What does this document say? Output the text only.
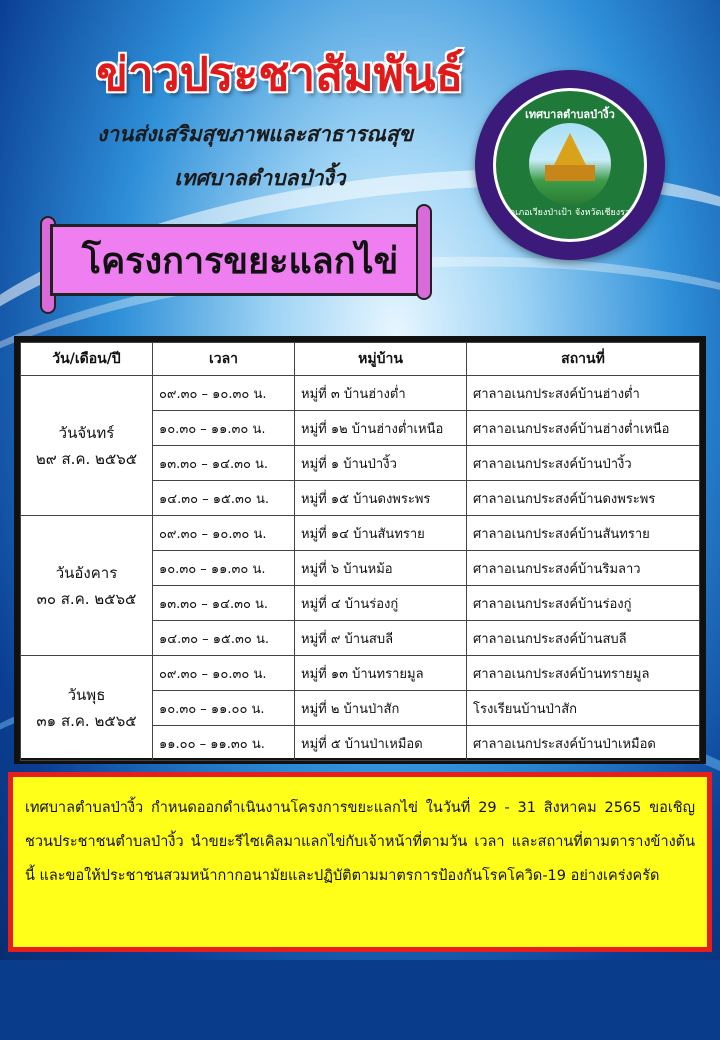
ข่าวประชาสัมพันธ์
งานส่งเสริมสุขภาพและสาธารณสุข
เทศบาลตำบลป่างิ้ว
เทศบาลตำบลป่างิ้ว
อำเภอเวียงป่าเป้า จังหวัดเชียงราย
โครงการขยะแลกไข่
วัน/เดือน/ปี	เวลา	หมู่บ้าน	สถานที่

วันจันทร์
๒๙ ส.ค. ๒๕๖๕	๐๙.๓๐ – ๑๐.๓๐ น.	หมู่ที่ ๓ บ้านฮ่างต่ำ	ศาลาอเนกประสงค์บ้านฮ่างต่ำ
	๑๐.๓๐ – ๑๑.๓๐ น.	หมู่ที่ ๑๒ บ้านฮ่างต่ำเหนือ	ศาลาอเนกประสงค์บ้านฮ่างต่ำเหนือ
	๑๓.๓๐ – ๑๔.๓๐ น.	หมู่ที่ ๑ บ้านป่างิ้ว	ศาลาอเนกประสงค์บ้านป่างิ้ว
	๑๔.๓๐ – ๑๕.๓๐ น.	หมู่ที่ ๑๕ บ้านดงพระพร	ศาลาอเนกประสงค์บ้านดงพระพร

วันอังคาร
๓๐ ส.ค. ๒๕๖๕	๐๙.๓๐ – ๑๐.๓๐ น.	หมู่ที่ ๑๔ บ้านสันทราย	ศาลาอเนกประสงค์บ้านสันทราย
	๑๐.๓๐ – ๑๑.๓๐ น.	หมู่ที่ ๖ บ้านหม้อ	ศาลาอเนกประสงค์บ้านริมลาว
	๑๓.๓๐ – ๑๔.๓๐ น.	หมู่ที่ ๔ บ้านร่องกู่	ศาลาอเนกประสงค์บ้านร่องกู่
	๑๔.๓๐ – ๑๕.๓๐ น.	หมู่ที่ ๙ บ้านสบลี	ศาลาอเนกประสงค์บ้านสบลี

วันพุธ
๓๑ ส.ค. ๒๕๖๕	๐๙.๓๐ – ๑๐.๓๐ น.	หมู่ที่ ๑๓ บ้านทรายมูล	ศาลาอเนกประสงค์บ้านทรายมูล
	๑๐.๓๐ – ๑๑.๐๐ น.	หมู่ที่ ๒ บ้านป่าสัก	โรงเรียนบ้านป่าสัก
	๑๑.๐๐ – ๑๑.๓๐ น.	หมู่ที่ ๕ บ้านป่าเหมือด	ศาลาอเนกประสงค์บ้านป่าเหมือด
เทศบาลตำบลป่างิ้ว กำหนดออกดำเนินงานโครงการขยะแลกไข่ ในวันที่ 29 - 31 สิงหาคม 2565 ขอเชิญชวนประชาชนตำบลป่างิ้ว นำขยะรีไซเคิลมาแลกไข่กับเจ้าหน้าที่ตามวัน เวลา และสถานที่ตามตารางข้างต้นนี้ และขอให้ประชาชนสวมหน้ากากอนามัยและปฏิบัติตามมาตรการป้องกันโรคโควิด-19 อย่างเคร่งครัด
